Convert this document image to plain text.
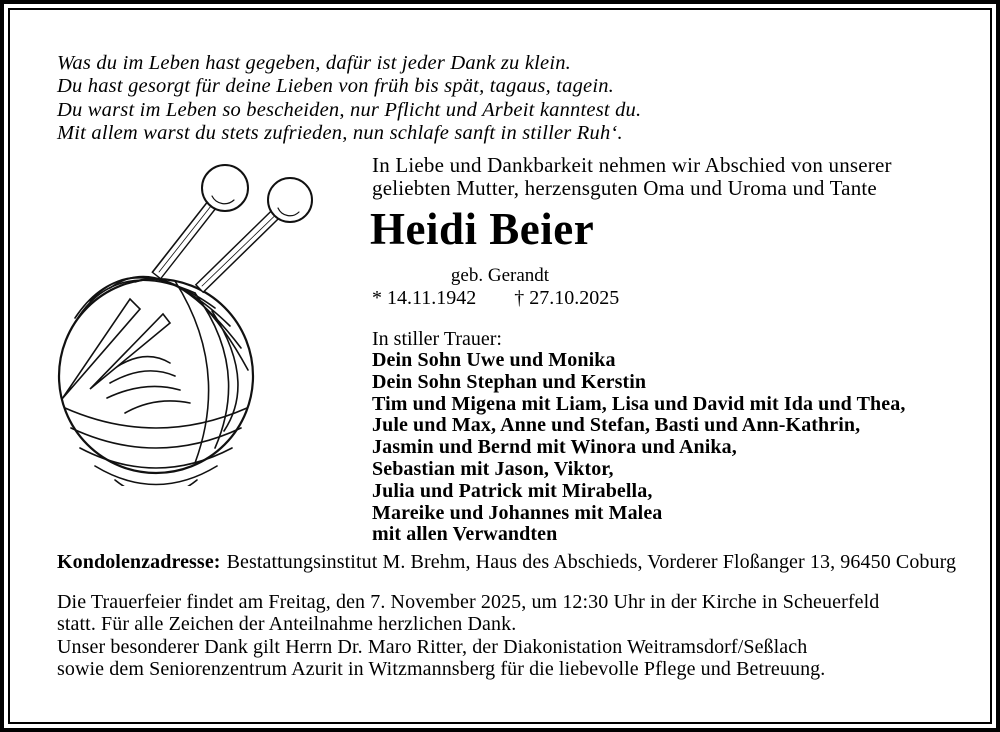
Was du im Leben hast gegeben, dafür ist jeder Dank zu klein.
Du hast gesorgt für deine Lieben von früh bis spät, tagaus, tagein.
Du warst im Leben so bescheiden, nur Pflicht und Arbeit kanntest du.
Mit allem warst du stets zufrieden, nun schlafe sanft in stiller Ruh‘.
In Liebe und Dankbarkeit nehmen wir Abschied von unserer
geliebten Mutter, herzensguten Oma und Uroma und Tante
Heidi Beier
geb. Gerandt
* 14.11.1942 † 27.10.2025
In stiller Trauer:
Dein Sohn Uwe und Monika
Dein Sohn Stephan und Kerstin
Tim und Migena mit Liam, Lisa und David mit Ida und Thea,
Jule und Max, Anne und Stefan, Basti und Ann-Kathrin,
Jasmin und Bernd mit Winora und Anika,
Sebastian mit Jason, Viktor,
Julia und Patrick mit Mirabella,
Mareike und Johannes mit Malea
mit allen Verwandten
Kondolenzadresse: Bestattungsinstitut M. Brehm, Haus des Abschieds, Vorderer Floßanger 13, 96450 Coburg
Die Trauerfeier findet am Freitag, den 7. November 2025, um 12:30 Uhr in der Kirche in Scheuerfeld
statt. Für alle Zeichen der Anteilnahme herzlichen Dank.
Unser besonderer Dank gilt Herrn Dr. Maro Ritter, der Diakonistation Weitramsdorf/Seßlach
sowie dem Seniorenzentrum Azurit in Witzmannsberg für die liebevolle Pflege und Betreuung.
